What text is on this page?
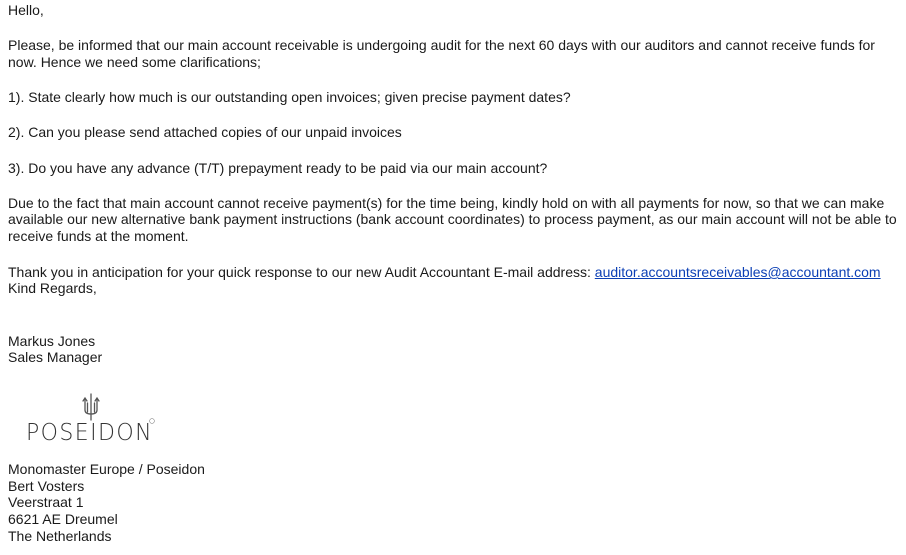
Hello,
Please, be informed that our main account receivable is undergoing audit for the next 60 days with our auditors and cannot receive funds for
now. Hence we need some clarifications;
1). State clearly how much is our outstanding open invoices; given precise payment dates?
2). Can you please send attached copies of our unpaid invoices
3). Do you have any advance (T/T) prepayment ready to be paid via our main account?
Due to the fact that main account cannot receive payment(s) for the time being, kindly hold on with all payments for now, so that we can make
available our new alternative bank payment instructions (bank account coordinates) to process payment, as our main account will not be able to
receive funds at the moment.
Thank you in anticipation for your quick response to our new Audit Accountant E-mail address: auditor.accountsreceivables@accountant.com
Kind Regards,
Markus Jones
Sales Manager
POSEIDON
Monomaster Europe / Poseidon
Bert Vosters
Veerstraat 1
6621 AE Dreumel
The Netherlands
